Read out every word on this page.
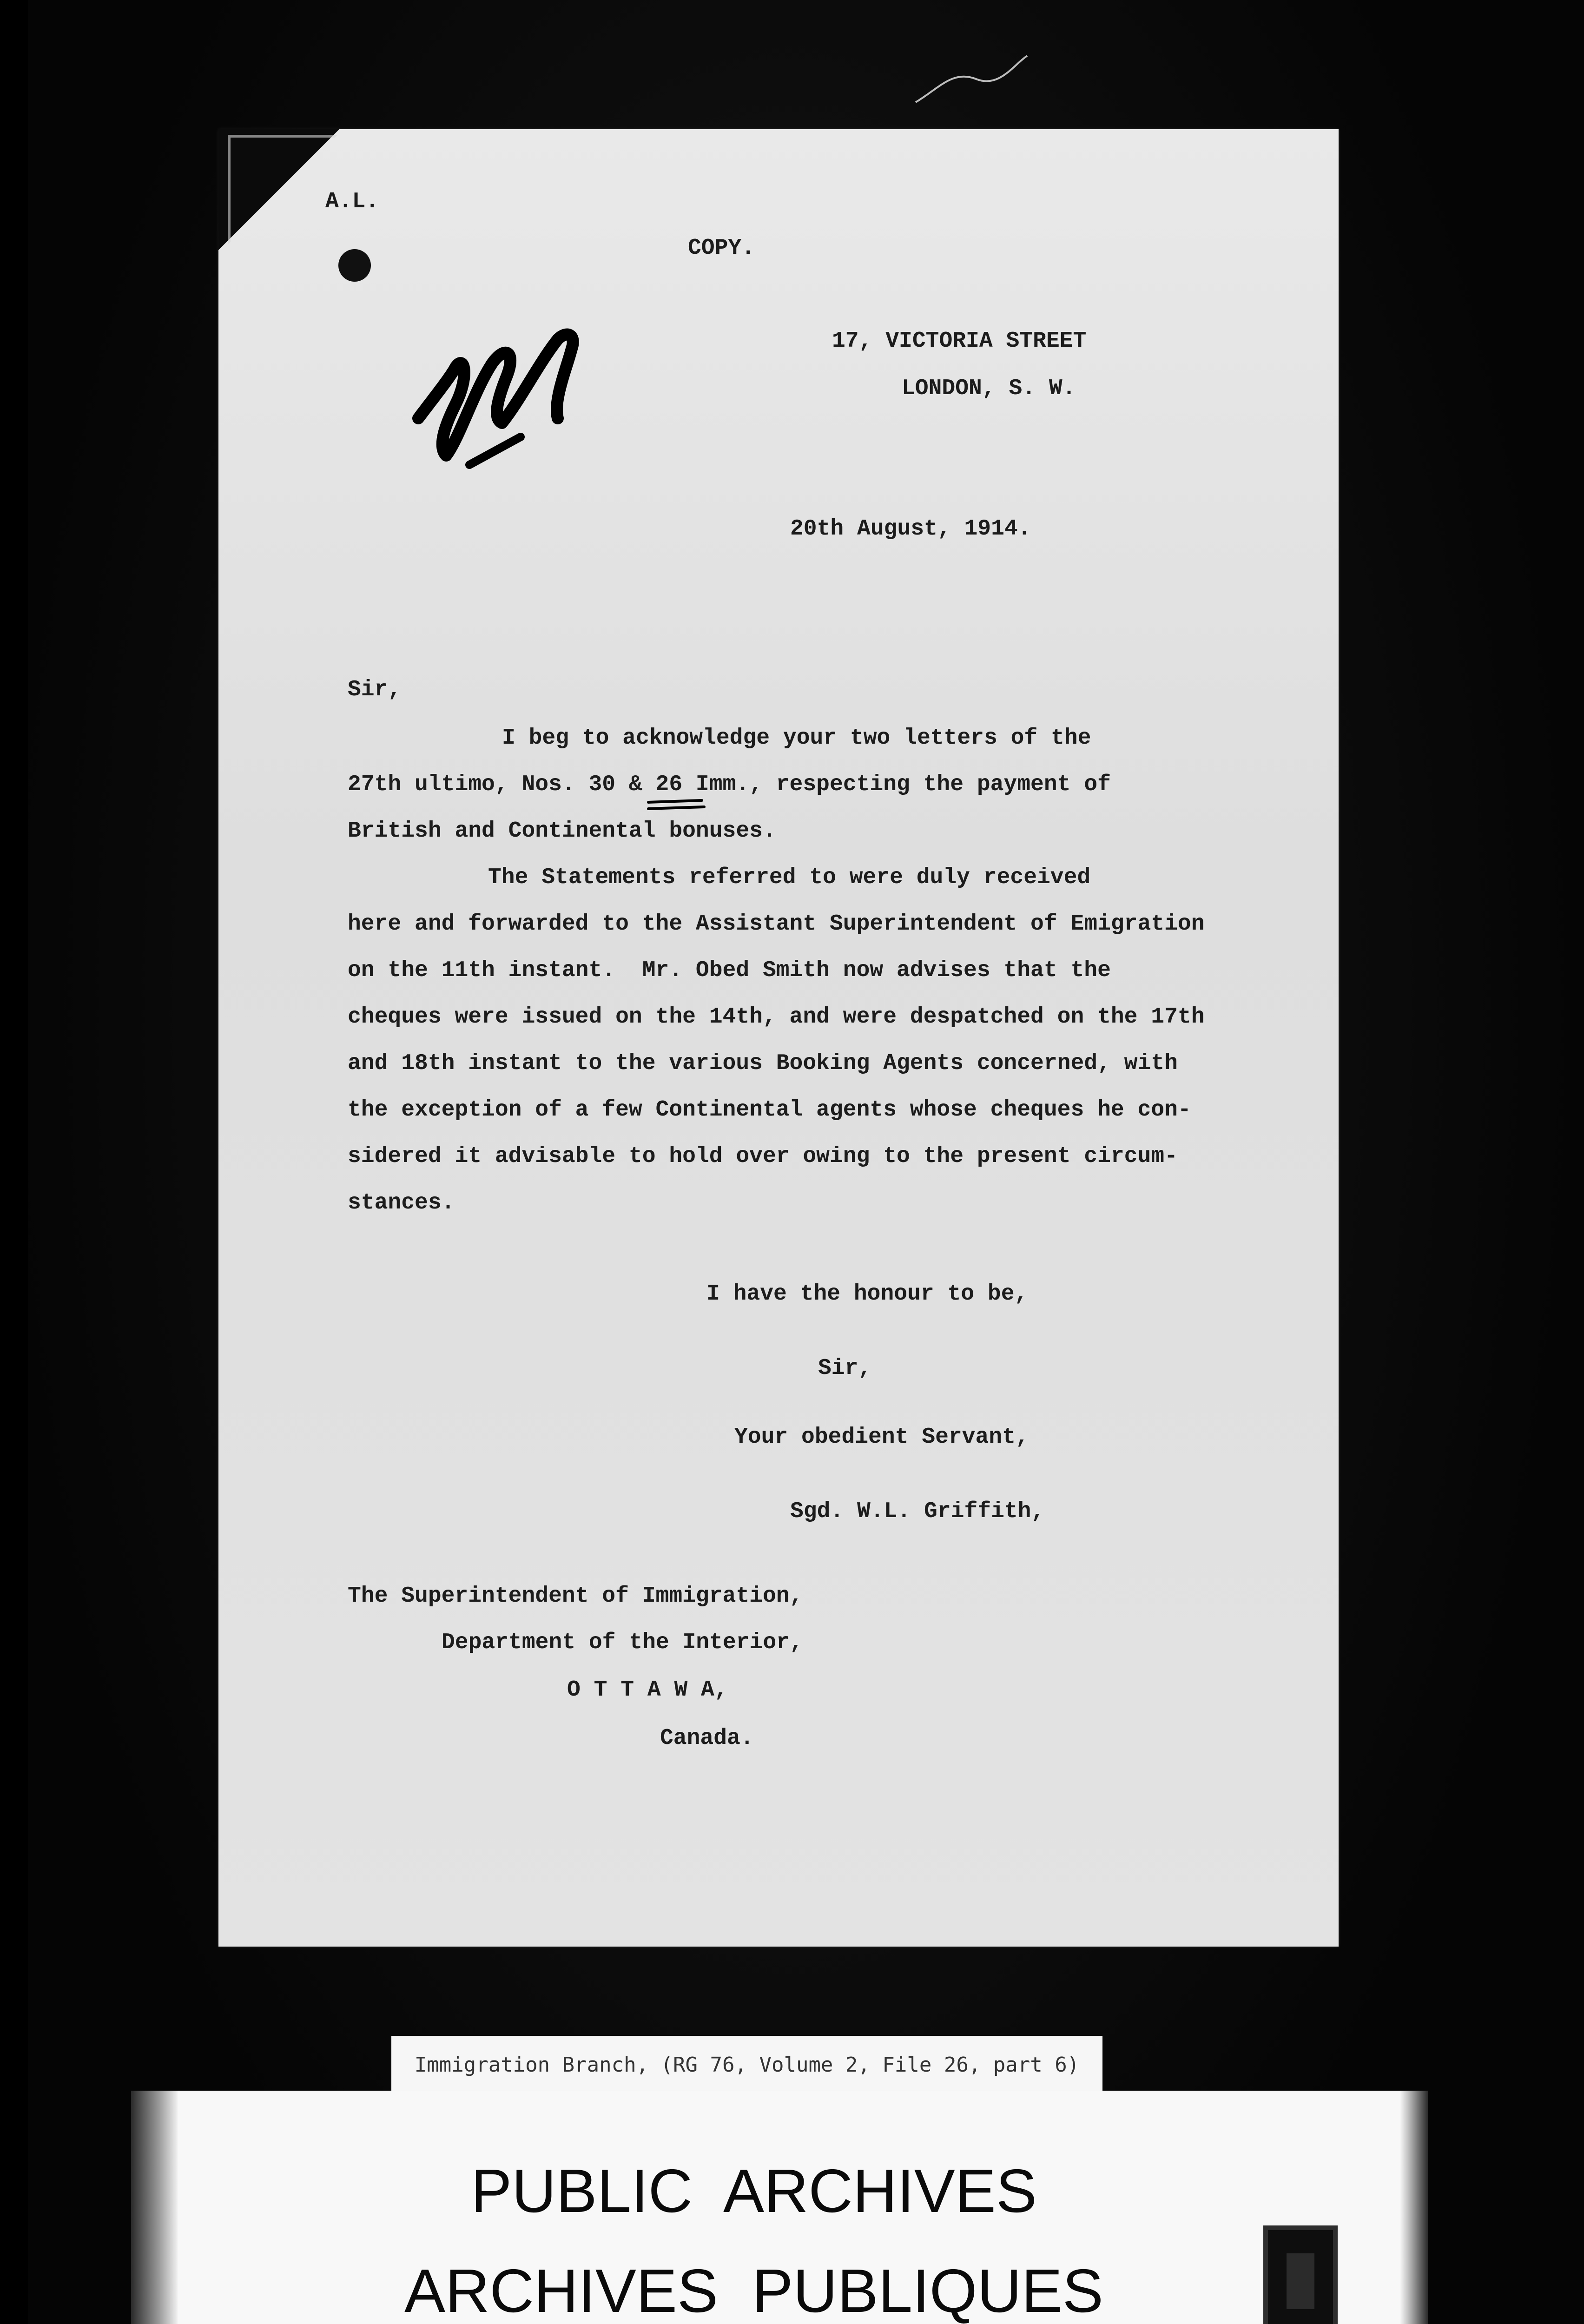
A.L.
COPY.
17, VICTORIA STREET
LONDON, S. W.
20th August, 1914.
Sir,
I beg to acknowledge your two letters of the
27th ultimo, Nos. 30 & 26 Imm., respecting the payment of
British and Continental bonuses.
The Statements referred to were duly received
here and forwarded to the Assistant Superintendent of Emigration
on the 11th instant.  Mr. Obed Smith now advises that the
cheques were issued on the 14th, and were despatched on the 17th
and 18th instant to the various Booking Agents concerned, with
the exception of a few Continental agents whose cheques he con-
sidered it advisable to hold over owing to the present circum-
stances.
I have the honour to be,
Sir,
Your obedient Servant,
Sgd. W.L. Griffith,
The Superintendent of Immigration,
Department of the Interior,
O T T A W A,
Canada.
Immigration Branch, (RG 76, Volume 2, File 26, part 6)
PUBLIC  ARCHIVES
ARCHIVES  PUBLIQUES
